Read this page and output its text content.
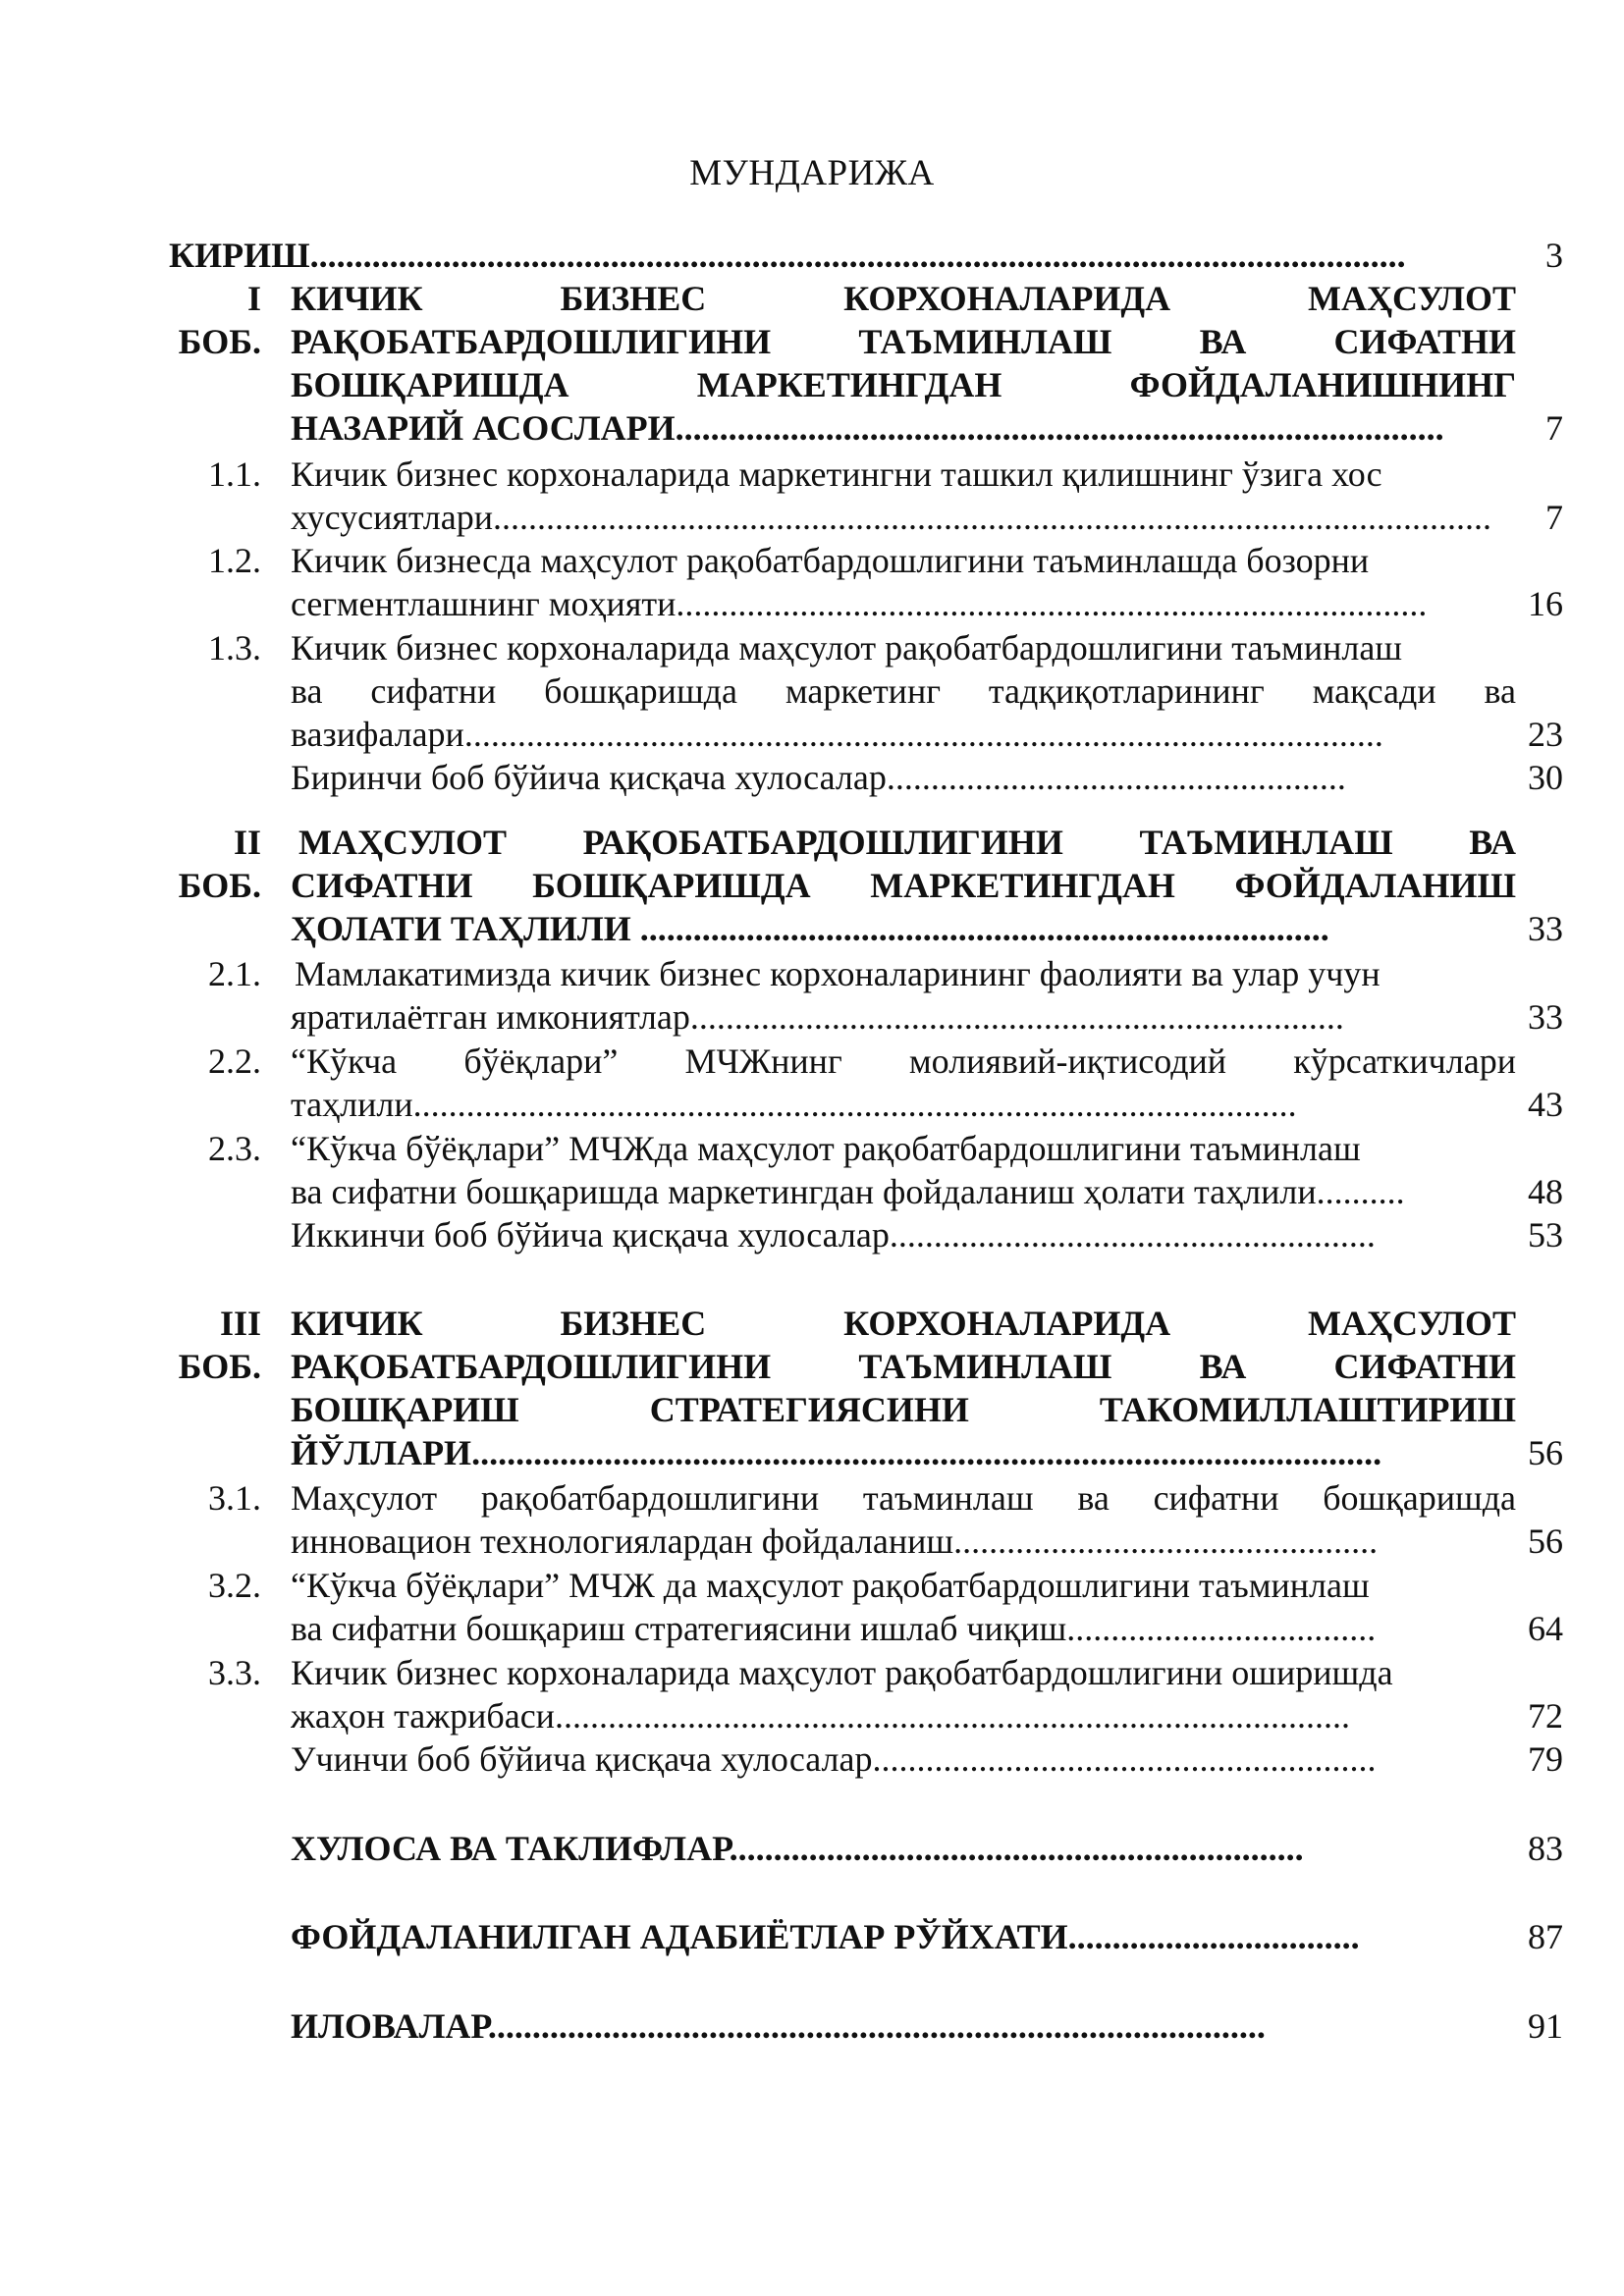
МУНДАРИЖА
КИРИШ............................................................................................................................	3
I КИЧИК БИЗНЕС КОРХОНАЛАРИДА МАҲСУЛОТ
БОБ. РАҚОБАТБАРДОШЛИГИНИ ТАЪМИНЛАШ ВА СИФАТНИ
БОШҚАРИШДА МАРКЕТИНГДАН ФОЙДАЛАНИШНИНГ
НАЗАРИЙ АСОСЛАРИ.......................................................................................	7
1.1. Кичик бизнес корхоналарида маркетингни ташкил қилишнинг ўзига хос
хусусиятлари.................................................................................................................	7
1.2. Кичик бизнесда маҳсулот рақобатбардошлигини таъминлашда бозорни
сегментлашнинг моҳияти.....................................................................................	16
1.3. Кичик бизнес корхоналарида маҳсулот рақобатбардошлигини таъминлаш
ва сифатни бошқаришда маркетинг тадқиқотларининг мақсади ва
вазифалари........................................................................................................	23
Биринчи боб бўйича қисқача хулосалар....................................................	30
II МАҲСУЛОТ РАҚОБАТБАРДОШЛИГИНИ ТАЪМИНЛАШ ВА
БОБ. СИФАТНИ БОШҚАРИШДА МАРКЕТИНГДАН ФОЙДАЛАНИШ
ҲОЛАТИ ТАҲЛИЛИ ..............................................................................	33
2.1. Мамлакатимизда кичик бизнес корхоналарининг фаолияти ва улар учун
яратилаётган имкониятлар..........................................................................	33
2.2. “Кўкча бўёқлари” МЧЖнинг молиявий-иқтисодий кўрсаткичлари
таҳлили....................................................................................................	43
2.3. “Кўкча бўёқлари” МЧЖда маҳсулот рақобатбардошлигини таъминлаш
ва сифатни бошқаришда маркетингдан фойдаланиш ҳолати таҳлили..........	48
Иккинчи боб бўйича қисқача хулосалар.......................................................	53
III КИЧИК БИЗНЕС КОРХОНАЛАРИДА МАҲСУЛОТ
БОБ. РАҚОБАТБАРДОШЛИГИНИ ТАЪМИНЛАШ ВА СИФАТНИ
БОШҚАРИШ СТРАТЕГИЯСИНИ ТАКОМИЛЛАШТИРИШ
ЙЎЛЛАРИ.......................................................................................................	56
3.1. Маҳсулот рақобатбардошлигини таъминлаш ва сифатни бошқаришда
инновацион технологиялардан фойдаланиш................................................	56
3.2. “Кўкча бўёқлари” МЧЖ да маҳсулот рақобатбардошлигини таъминлаш
ва сифатни бошқариш стратегиясини ишлаб чиқиш...................................	64
3.3. Кичик бизнес корхоналарида маҳсулот рақобатбардошлигини оширишда
жаҳон тажрибаси..........................................................................................	72
Учинчи боб бўйича қисқача хулосалар.........................................................	79
ХУЛОСА ВА ТАКЛИФЛАР.................................................................	83
ФОЙДАЛАНИЛГАН АДАБИЁТЛАР РЎЙХАТИ.................................	87
ИЛОВАЛАР........................................................................................	91
